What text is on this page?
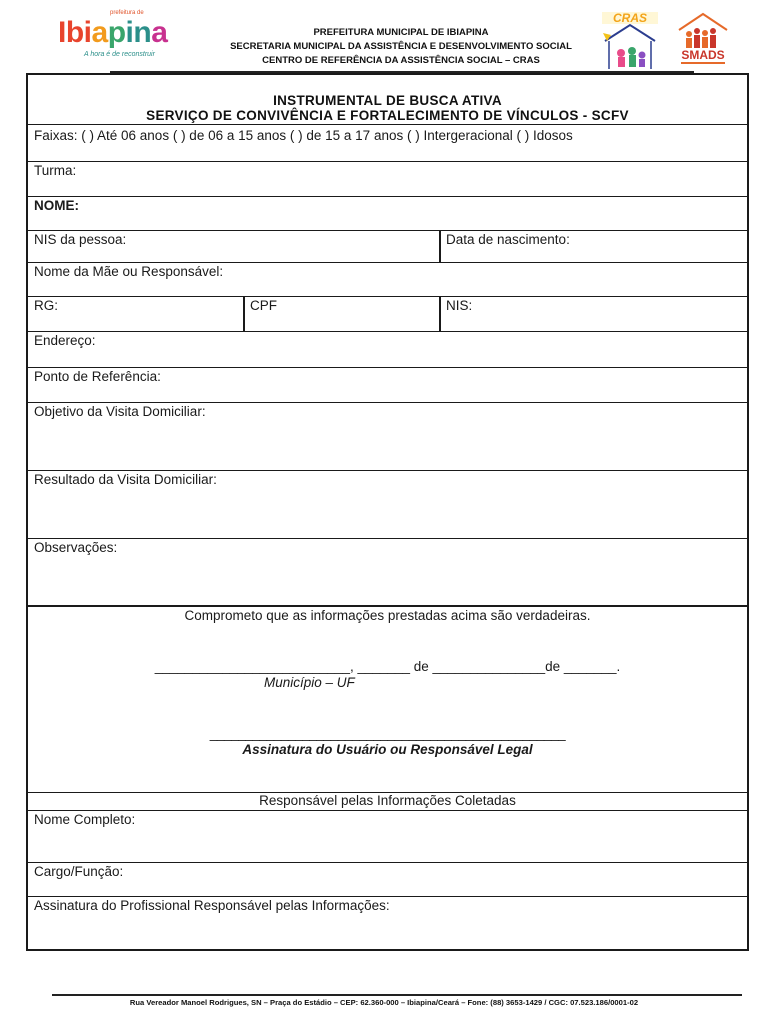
prefeitura de
Ibiapina
A hora é de reconstruir
PREFEITURA MUNICIPAL DE IBIAPINA
SECRETARIA MUNICIPAL DA ASSISTÊNCIA E DESENVOLVIMENTO SOCIAL
CENTRO DE REFERÊNCIA DA ASSISTÊNCIA SOCIAL – CRAS
CRAS
SMADS
INSTRUMENTAL DE BUSCA ATIVA
SERVIÇO DE CONVIVÊNCIA E FORTALECIMENTO DE VÍNCULOS - SCFV
Faixas: ( ) Até 06 anos ( ) de 06 a 15 anos ( ) de 15 a 17 anos ( ) Intergeracional ( ) Idosos
Turma:
NOME:
NIS da pessoa:	Data de nascimento:
Nome da Mãe ou Responsável:
RG:	CPF	NIS:
Endereço:
Ponto de Referência:
Objetivo da Visita Domiciliar:
Resultado da Visita Domiciliar:
Observações:
Comprometo que as informações prestadas acima são verdadeiras.
__________________________, _______ de _______________de _______.
Município – UF
__________________________________________________
Assinatura do Usuário ou Responsável Legal
Responsável pelas Informações Coletadas
Nome Completo:
Cargo/Função:
Assinatura do Profissional Responsável pelas Informações:
Rua Vereador Manoel Rodrigues, SN – Praça do Estádio – CEP: 62.360-000 – Ibiapina/Ceará – Fone: (88) 3653-1429 / CGC: 07.523.186/0001-02
